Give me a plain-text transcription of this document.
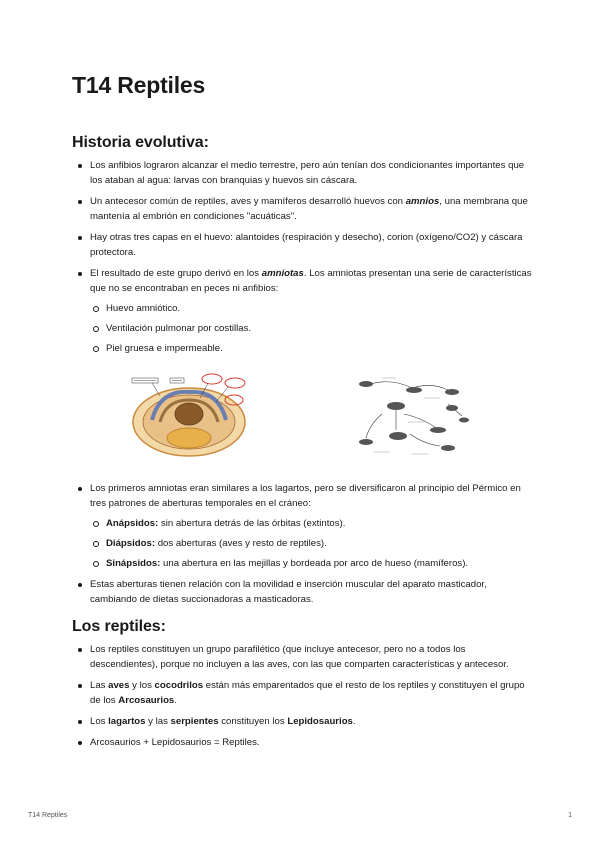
T14 Reptiles
Historia evolutiva:
Los anfibios lograron alcanzar el medio terrestre, pero aún tenían dos condicionantes importantes que los ataban al agua: larvas con branquias y huevos sin cáscara.
Un antecesor común de reptiles, aves y mamíferos desarrolló huevos con amnios, una membrana que mantenía al embrión en condiciones "acuáticas".
Hay otras tres capas en el huevo: alantoides (respiración y desecho), corion (oxígeno/CO2) y cáscara protectora.
El resultado de este grupo derivó en los amniotas. Los amniotas presentan una serie de características que no se encontraban en peces ni anfibios:
Huevo amniótico.
Ventilación pulmonar por costillas.
Piel gruesa e impermeable.
Los primeros amniotas eran similares a los lagartos, pero se diversificaron al principio del Pérmico en tres patrones de aberturas temporales en el cráneo:
Anápsidos: sin abertura detrás de las órbitas (extintos).
Diápsidos: dos aberturas (aves y resto de reptiles).
Sinápsidos: una abertura en las mejillas y bordeada por arco de hueso (mamíferos).
Estas aberturas tienen relación con la movilidad e inserción muscular del aparato masticador, cambiando de dietas succionadoras a masticadoras.
Los reptiles:
Los reptiles constituyen un grupo parafilético (que incluye antecesor, pero no a todos los descendientes), porque no incluyen a las aves, con las que comparten características y antecesor.
Las aves y los cocodrilos están más emparentados que el resto de los reptiles y constituyen el grupo de los Arcosaurios.
Los lagartos y las serpientes constituyen los Lepidosaurios.
Arcosaurios + Lepidosaurios = Reptiles.
T14 Reptiles	1
